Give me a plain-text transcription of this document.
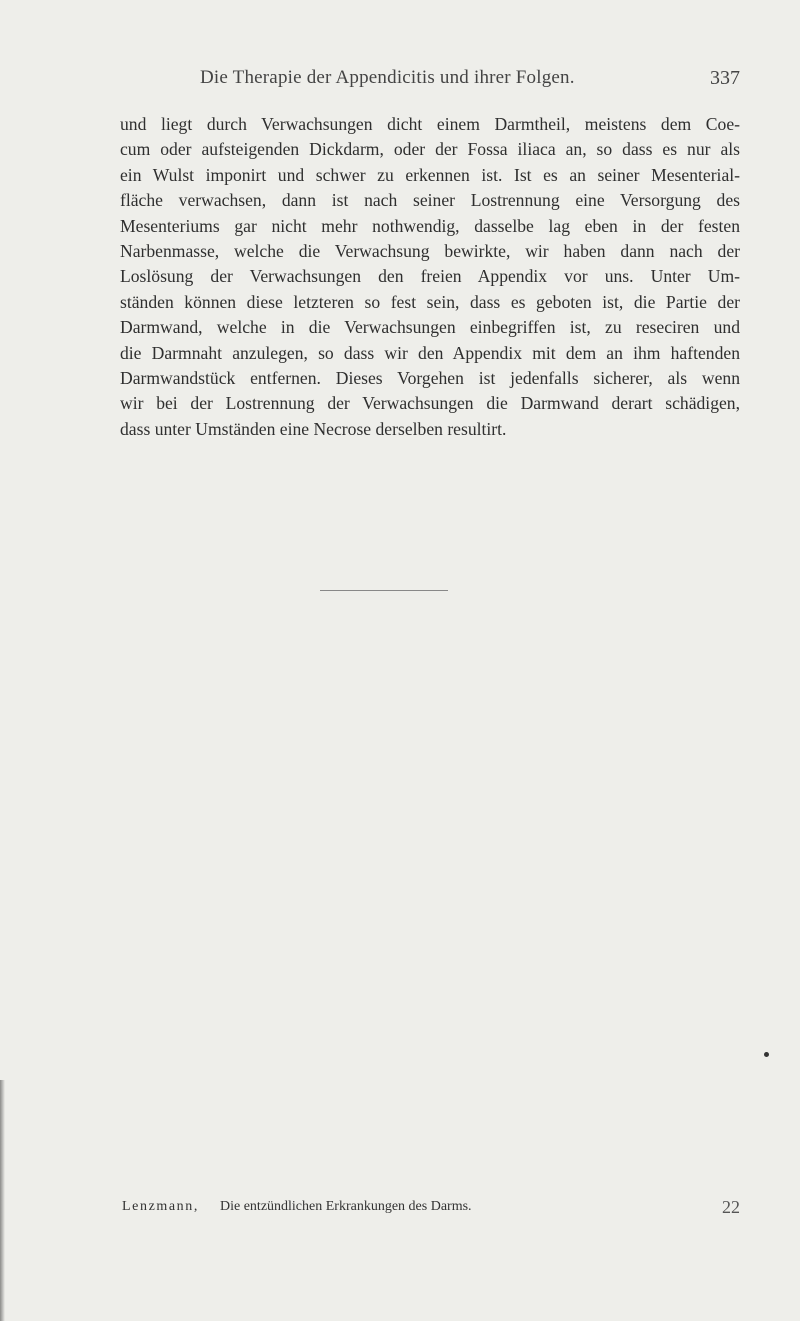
Die Therapie der Appendicitis und ihrer Folgen.	337
und liegt durch Verwachsungen dicht einem Darmtheil, meistens dem Coe-
cum oder aufsteigenden Dickdarm, oder der Fossa iliaca an, so dass es nur als
ein Wulst imponirt und schwer zu erkennen ist. Ist es an seiner Mesenterial-
fläche verwachsen, dann ist nach seiner Lostrennung eine Versorgung des
Mesenteriums gar nicht mehr nothwendig, dasselbe lag eben in der festen
Narbenmasse, welche die Verwachsung bewirkte, wir haben dann nach der
Loslösung der Verwachsungen den freien Appendix vor uns. Unter Um-
ständen können diese letzteren so fest sein, dass es geboten ist, die Partie der
Darmwand, welche in die Verwachsungen einbegriffen ist, zu reseciren und
die Darmnaht anzulegen, so dass wir den Appendix mit dem an ihm haftenden
Darmwandstück entfernen. Dieses Vorgehen ist jedenfalls sicherer, als wenn
wir bei der Lostrennung der Verwachsungen die Darmwand derart schädigen,
dass unter Umständen eine Necrose derselben resultirt.
Lenzmann, Die entzündlichen Erkrankungen des Darms.	22
